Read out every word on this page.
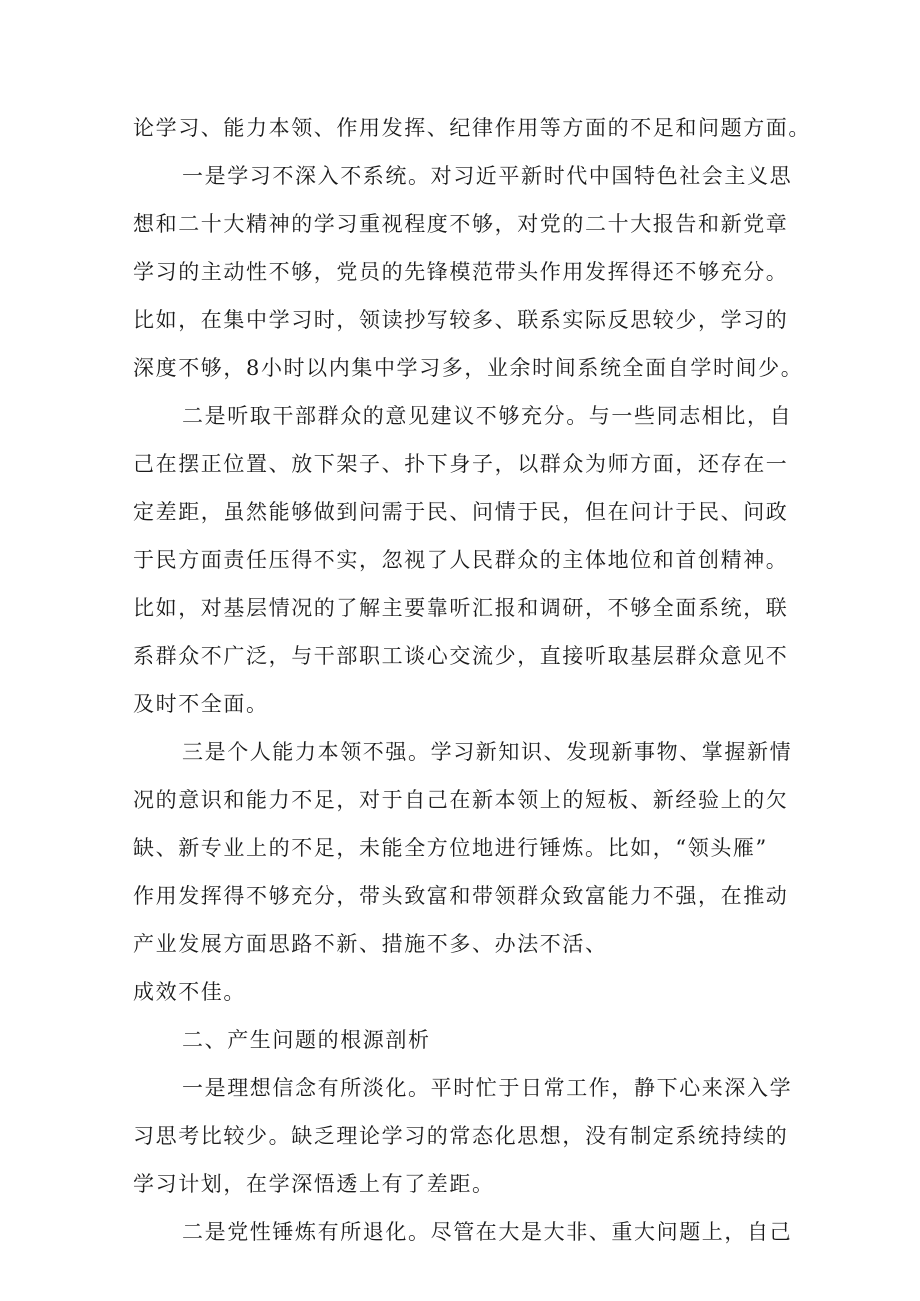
论学习、能力本领、作用发挥、纪律作用等方面的不足和问题方面。
一是学习不深入不系统。对习近平新时代中国特色社会主义思
想和二十大精神的学习重视程度不够，对党的二十大报告和新党章
学习的主动性不够，党员的先锋模范带头作用发挥得还不够充分。
比如，在集中学习时，领读抄写较多、联系实际反思较少，学习的
深度不够，8小时以内集中学习多，业余时间系统全面自学时间少。
二是听取干部群众的意见建议不够充分。与一些同志相比，自
己在摆正位置、放下架子、扑下身子，以群众为师方面，还存在一
定差距，虽然能够做到问需于民、问情于民，但在问计于民、问政
于民方面责任压得不实，忽视了人民群众的主体地位和首创精神。
比如，对基层情况的了解主要靠听汇报和调研，不够全面系统，联
系群众不广泛，与干部职工谈心交流少，直接听取基层群众意见不
及时不全面。
三是个人能力本领不强。学习新知识、发现新事物、掌握新情
况的意识和能力不足，对于自己在新本领上的短板、新经验上的欠
缺、新专业上的不足，未能全方位地进行锤炼。比如，“领头雁”
作用发挥得不够充分，带头致富和带领群众致富能力不强，在推动
产业发展方面思路不新、措施不多、办法不活、
成效不佳。
二、产生问题的根源剖析
一是理想信念有所淡化。平时忙于日常工作，静下心来深入学
习思考比较少。缺乏理论学习的常态化思想，没有制定系统持续的
学习计划，在学深悟透上有了差距。
二是党性锤炼有所退化。尽管在大是大非、重大问题上，自己
